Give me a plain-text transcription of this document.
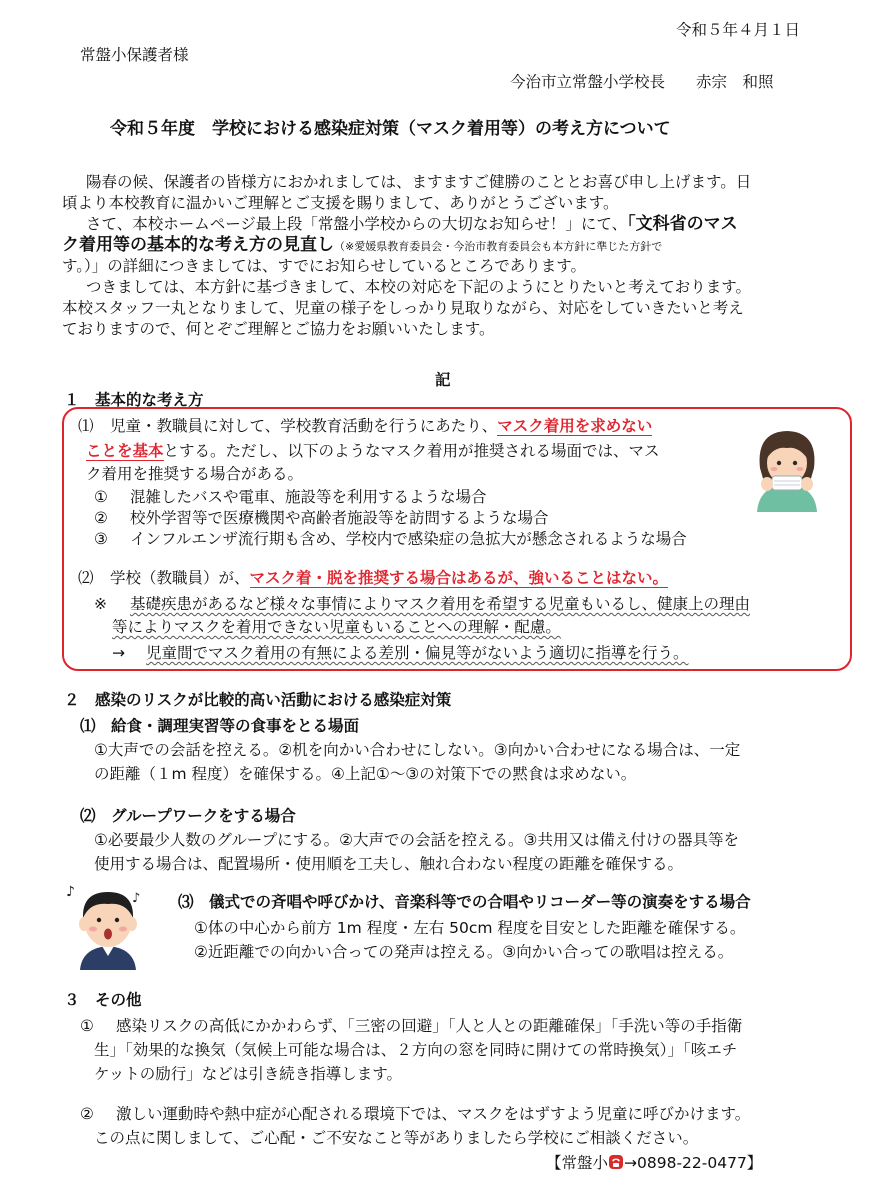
令和５年４月１日
常盤小保護者様
今治市立常盤小学校長　　赤宗　和照
令和５年度　学校における感染症対策（マスク着用等）の考え方について
陽春の候、保護者の皆様方におかれましては、ますますご健勝のこととお喜び申し上げます。日
頃より本校教育に温かいご理解とご支援を賜りまして、ありがとうございます。
さて、本校ホームページ最上段「常盤小学校からの大切なお知らせ！」にて、「文科省のマス
ク着用等の基本的な考え方の見直し（※愛媛県教育委員会・今治市教育委員会も本方針に準じた方針で
す。）」の詳細につきましては、すでにお知らせしているところであります。
つきましては、本方針に基づきまして、本校の対応を下記のようにとりたいと考えております。
本校スタッフ一丸となりまして、児童の様子をしっかり見取りながら、対応をしていきたいと考え
ておりますので、何とぞご理解とご協力をお願いいたします。
記
１　基本的な考え方
⑴ 児童・教職員に対して、学校教育活動を行うにあたり、マスク着用を求めない
ことを基本とする。ただし、以下のようなマスク着用が推奨される場面では、マス
ク着用を推奨する場合がある。
① 混雑したバスや電車、施設等を利用するような場合
② 校外学習等で医療機関や高齢者施設等を訪問するような場合
③ インフルエンザ流行期も含め、学校内で感染症の急拡大が懸念されるような場合
⑵ 学校（教職員）が、マスク着・脱を推奨する場合はあるが、強いることはない。
※ 基礎疾患があるなど様々な事情によりマスク着用を希望する児童もいるし、健康上の理由
等によりマスクを着用できない児童もいることへの理解・配慮。
→ 児童間でマスク着用の有無による差別・偏見等がないよう適切に指導を行う。
２　感染のリスクが比較的高い活動における感染症対策
⑴　給食・調理実習等の食事をとる場面
①大声での会話を控える。②机を向かい合わせにしない。③向かい合わせになる場合は、一定
の距離（１m 程度）を確保する。④上記①～③の対策下での黙食は求めない。
⑵　グループワークをする場合
①必要最少人数のグループにする。②大声での会話を控える。③共用又は備え付けの器具等を
使用する場合は、配置場所・使用順を工夫し、触れ合わない程度の距離を確保する。
♪	♪ ⑶　儀式での斉唱や呼びかけ、音楽科等での合唱やリコーダー等の演奏をする場合
①体の中心から前方 1m 程度・左右 50cm 程度を目安とした距離を確保する。
②近距離での向かい合っての発声は控える。③向かい合っての歌唱は控える。
３　その他
① 感染リスクの高低にかかわらず、「三密の回避」「人と人との距離確保」「手洗い等の手指衛
生」「効果的な換気（気候上可能な場合は、２方向の窓を同時に開けての常時換気）」「咳エチ
ケットの励行」などは引き続き指導します。
② 激しい運動時や熱中症が心配される環境下では、マスクをはずすよう児童に呼びかけます。
この点に関しまして、ご心配・ご不安なこと等がありましたら学校にご相談ください。
【常盤小 →0898-22-0477】
